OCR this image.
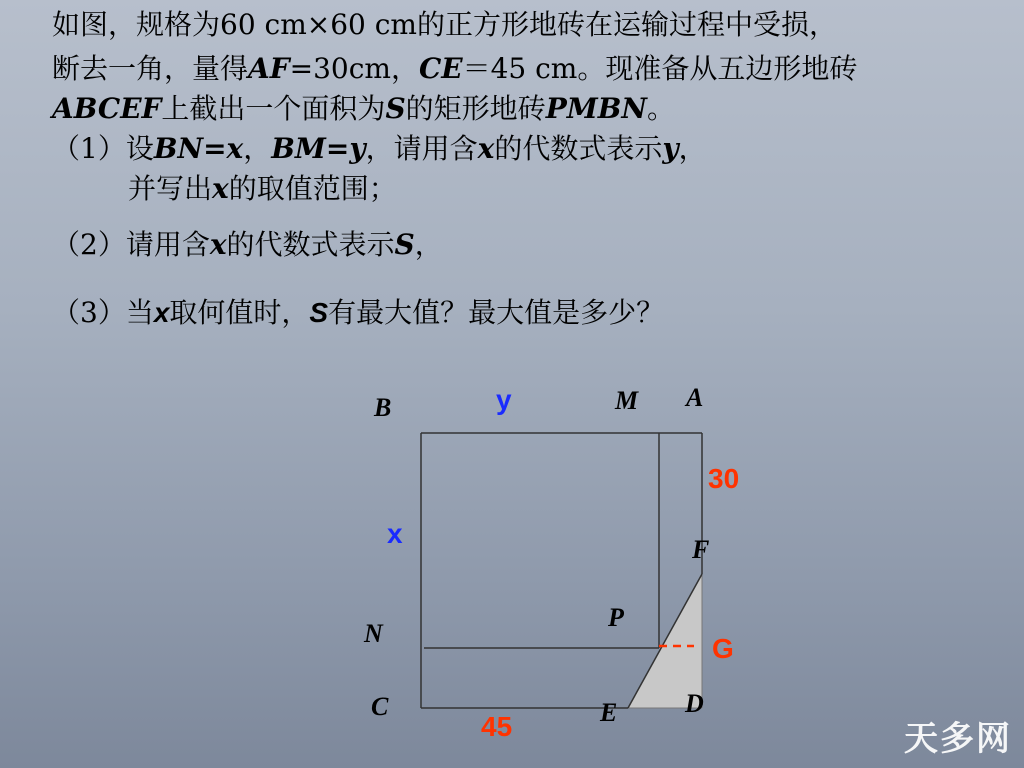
如图，规格为60 cm×60 cm的正方形地砖在运输过程中受损，
断去一角，量得AF=30cm，CE＝45 cm。现准备从五边形地砖
ABCEF上截出一个面积为S的矩形地砖PMBN。
（1）设BN=x，BM=y，请用含x的代数式表示y，
并写出x的取值范围；
（2）请用含x的代数式表示S，
（3）当x取何值时，S有最大值？最大值是多少？
B	M A
F
P
N
C	E	D
y
x
30
G
45	天多网
